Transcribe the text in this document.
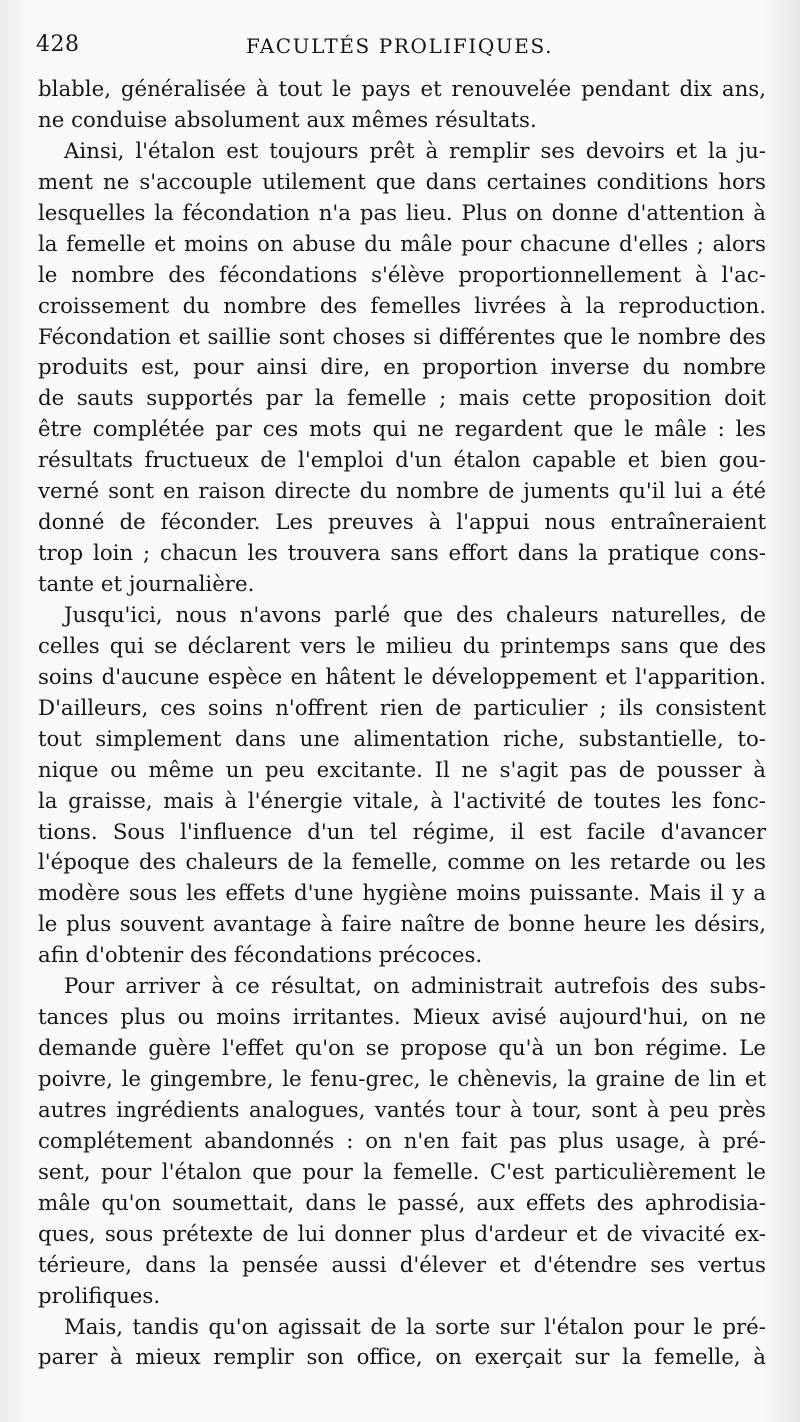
428	FACULTÉS PROLIFIQUES.
blable, généralisée à tout le pays et renouvelée pendant dix ans,
ne conduise absolument aux mêmes résultats.
Ainsi, l'étalon est toujours prêt à remplir ses devoirs et la ju-
ment ne s'accouple utilement que dans certaines conditions hors
lesquelles la fécondation n'a pas lieu. Plus on donne d'attention à
la femelle et moins on abuse du mâle pour chacune d'elles ; alors
le nombre des fécondations s'élève proportionnellement à l'ac-
croissement du nombre des femelles livrées à la reproduction.
Fécondation et saillie sont choses si différentes que le nombre des
produits est, pour ainsi dire, en proportion inverse du nombre
de sauts supportés par la femelle ; mais cette proposition doit
être complétée par ces mots qui ne regardent que le mâle : les
résultats fructueux de l'emploi d'un étalon capable et bien gou-
verné sont en raison directe du nombre de juments qu'il lui a été
donné de féconder. Les preuves à l'appui nous entraîneraient
trop loin ; chacun les trouvera sans effort dans la pratique cons-
tante et journalière.
Jusqu'ici, nous n'avons parlé que des chaleurs naturelles, de
celles qui se déclarent vers le milieu du printemps sans que des
soins d'aucune espèce en hâtent le développement et l'apparition.
D'ailleurs, ces soins n'offrent rien de particulier ; ils consistent
tout simplement dans une alimentation riche, substantielle, to-
nique ou même un peu excitante. Il ne s'agit pas de pousser à
la graisse, mais à l'énergie vitale, à l'activité de toutes les fonc-
tions. Sous l'influence d'un tel régime, il est facile d'avancer
l'époque des chaleurs de la femelle, comme on les retarde ou les
modère sous les effets d'une hygiène moins puissante. Mais il y a
le plus souvent avantage à faire naître de bonne heure les désirs,
afin d'obtenir des fécondations précoces.
Pour arriver à ce résultat, on administrait autrefois des subs-
tances plus ou moins irritantes. Mieux avisé aujourd'hui, on ne
demande guère l'effet qu'on se propose qu'à un bon régime. Le
poivre, le gingembre, le fenu-grec, le chènevis, la graine de lin et
autres ingrédients analogues, vantés tour à tour, sont à peu près
complétement abandonnés : on n'en fait pas plus usage, à pré-
sent, pour l'étalon que pour la femelle. C'est particulièrement le
mâle qu'on soumettait, dans le passé, aux effets des aphrodisia-
ques, sous prétexte de lui donner plus d'ardeur et de vivacité ex-
térieure, dans la pensée aussi d'élever et d'étendre ses vertus
prolifiques.
Mais, tandis qu'on agissait de la sorte sur l'étalon pour le pré-
parer à mieux remplir son office, on exerçait sur la femelle, à
